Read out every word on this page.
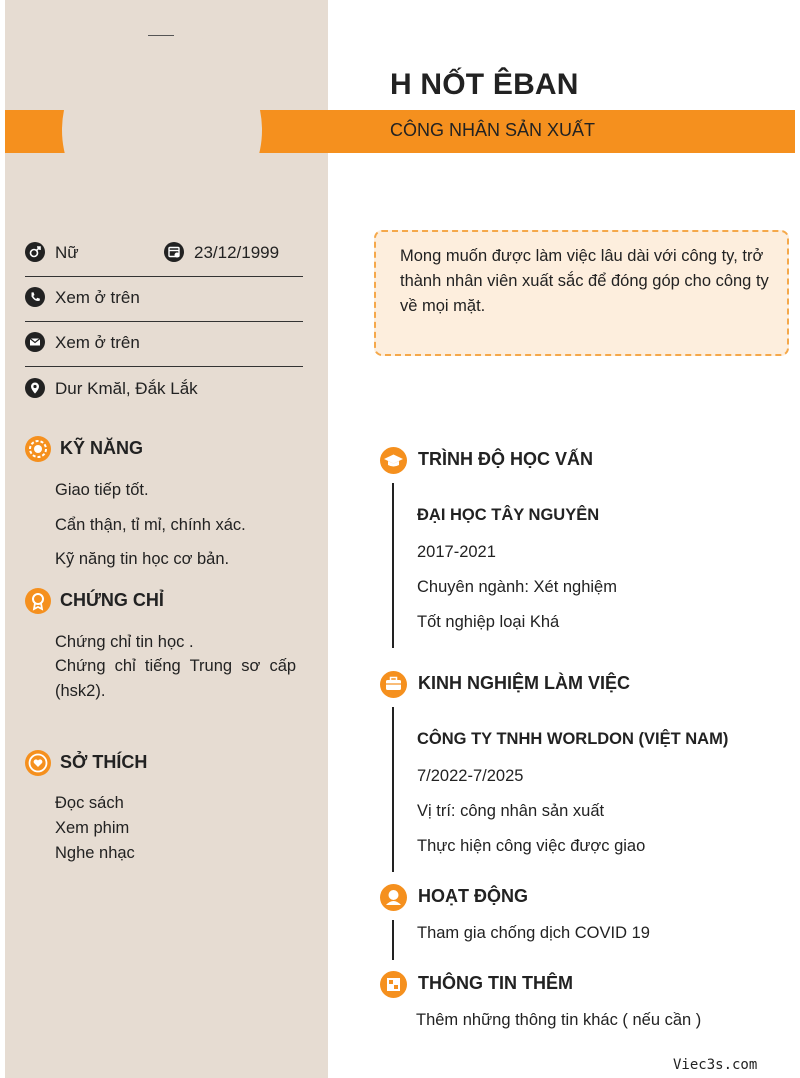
H NỐT ÊBAN
CÔNG NHÂN SẢN XUẤT
Nữ	23/12/1999
Xem ở trên
Xem ở trên
Dur Kmăl, Đắk Lắk
KỸ NĂNG
Giao tiếp tốt.
Cẩn thận, tỉ mỉ, chính xác.
Kỹ năng tin học cơ bản.
CHỨNG CHỈ
Chứng chỉ tin học .
Chứng  chỉ  tiếng  Trung  sơ  cấp
(hsk2).
SỞ THÍCH
Đọc sách
Xem phim
Nghe nhạc
Mong muốn được làm việc lâu dài với công ty, trở thành nhân viên xuất sắc để đóng góp cho công ty về mọi mặt.
TRÌNH ĐỘ HỌC VẤN
ĐẠI HỌC TÂY NGUYÊN
2017-2021
Chuyên ngành: Xét nghiệm
Tốt nghiệp loại Khá
KINH NGHIỆM LÀM VIỆC
CÔNG TY TNHH WORLDON (VIỆT NAM)
7/2022-7/2025
Vị trí: công nhân sản xuất
Thực hiện công việc được giao
HOẠT ĐỘNG
Tham gia chống dịch COVID 19
THÔNG TIN THÊM
Thêm những thông tin khác ( nếu cần )
Viec3s.com
